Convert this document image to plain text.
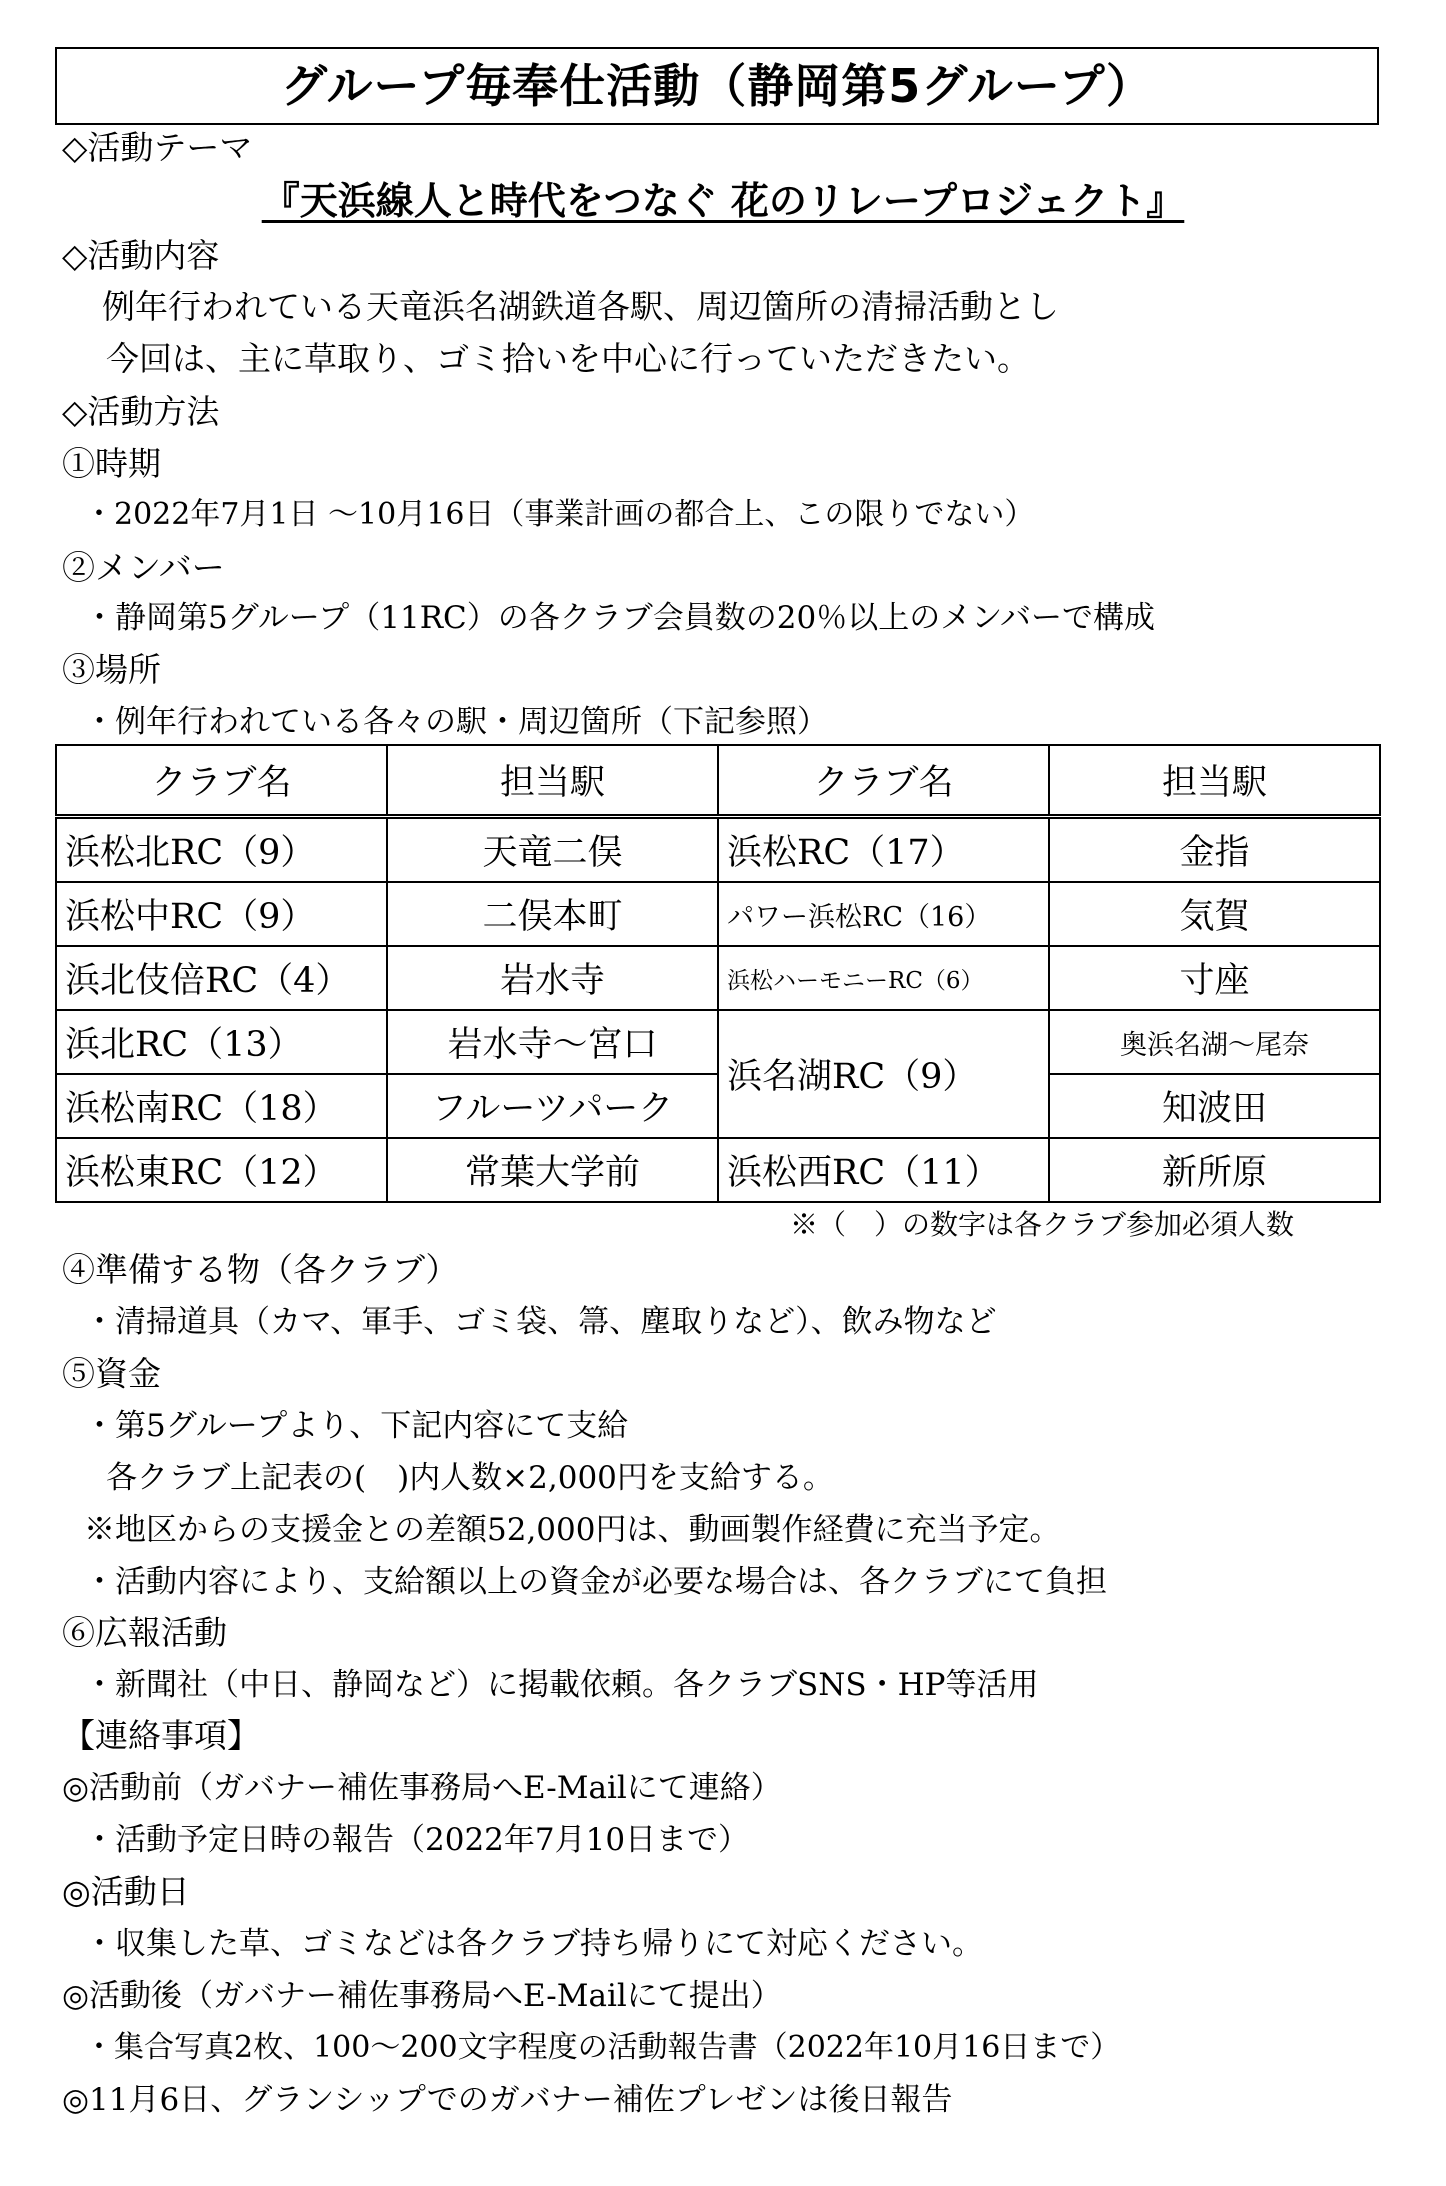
グループ毎奉仕活動（静岡第5グループ）
◇活動テーマ
『天浜線人と時代をつなぐ 花のリレープロジェクト』
◇活動内容
例年行われている天竜浜名湖鉄道各駅、周辺箇所の清掃活動とし
今回は、主に草取り、ゴミ拾いを中心に行っていただきたい。
◇活動方法
①時期
・2022年7月1日 ～10月16日（事業計画の都合上、この限りでない）
②メンバー
・静岡第5グループ（11RC）の各クラブ会員数の20％以上のメンバーで構成
③場所
・例年行われている各々の駅・周辺箇所（下記参照）
クラブ名	担当駅	クラブ名	担当駅
浜松北RC（9）	天竜二俣	浜松RC（17）	金指
浜松中RC（9）	二俣本町	パワー浜松RC（16）	気賀
浜北伎倍RC（4）	岩水寺	浜松ハーモニーRC（6）	寸座
浜北RC（13）	岩水寺～宮口	浜名湖RC（9）	奥浜名湖～尾奈
浜松南RC（18）	フルーツパーク		知波田
浜松東RC（12）	常葉大学前	浜松西RC（11）	新所原
※（　）の数字は各クラブ参加必須人数
④準備する物（各クラブ）
・清掃道具（カマ、軍手、ゴミ袋、箒、塵取りなど）、飲み物など
⑤資金
・第5グループより、下記内容にて支給
各クラブ上記表の(　)内人数×2,000円を支給する。
※地区からの支援金との差額52,000円は、動画製作経費に充当予定。
・活動内容により、支給額以上の資金が必要な場合は、各クラブにて負担
⑥広報活動
・新聞社（中日、静岡など）に掲載依頼。各クラブSNS・HP等活用
【連絡事項】
◎活動前（ガバナー補佐事務局へE-Mailにて連絡）
・活動予定日時の報告（2022年7月10日まで）
◎活動日
・収集した草、ゴミなどは各クラブ持ち帰りにて対応ください。
◎活動後（ガバナー補佐事務局へE-Mailにて提出）
・集合写真2枚、100～200文字程度の活動報告書（2022年10月16日まで）
◎11月6日、グランシップでのガバナー補佐プレゼンは後日報告
